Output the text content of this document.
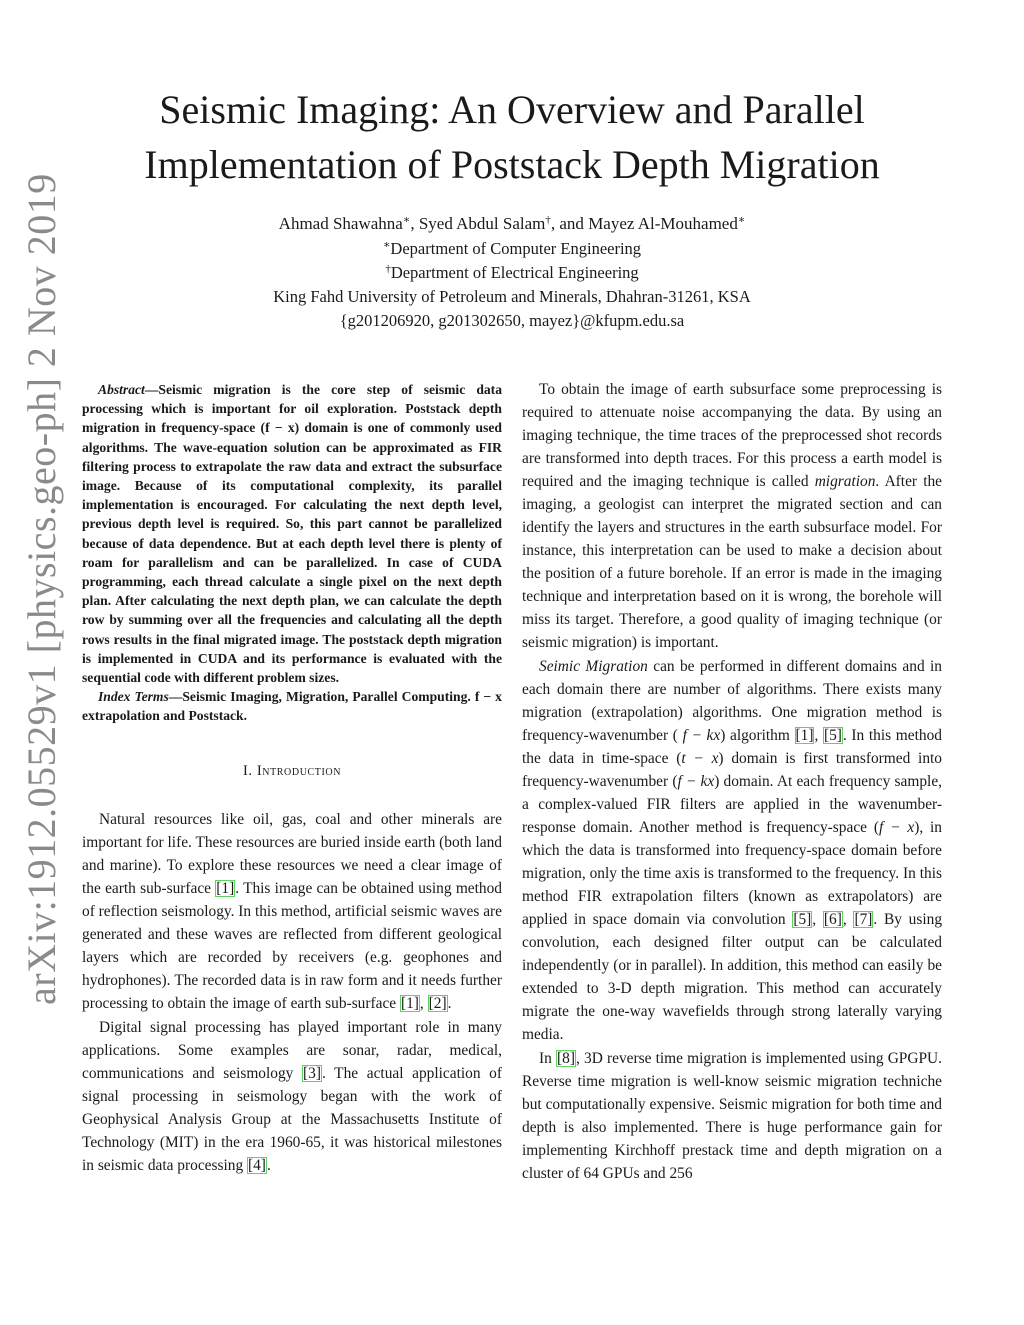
arXiv:1912.05529v1 [physics.geo-ph] 2 Nov 2019
Seismic Imaging: An Overview and Parallel
Implementation of Poststack Depth Migration
Ahmad Shawahna∗, Syed Abdul Salam†, and Mayez Al-Mouhamed∗
∗Department of Computer Engineering
†Department of Electrical Engineering
King Fahd University of Petroleum and Minerals, Dhahran-31261, KSA
{g201206920, g201302650, mayez}@kfupm.edu.sa

Abstract—Seismic migration is the core step of seismic data processing which is important for oil exploration. Poststack depth migration in frequency-space (f − x) domain is one of commonly used algorithms. The wave-equation solution can be approximated as FIR filtering process to extrapolate the raw data and extract the subsurface image. Because of its computational complexity, its parallel implementation is encouraged. For calculating the next depth level, previous depth level is required. So, this part cannot be parallelized because of data dependence. But at each depth level there is plenty of roam for parallelism and can be parallelized. In case of CUDA programming, each thread calculate a single pixel on the next depth plan. After calculating the next depth plan, we can calculate the depth row by summing over all the frequencies and calculating all the depth rows results in the final migrated image. The poststack depth migration is implemented in CUDA and its performance is evaluated with the sequential code with different problem sizes.

Index Terms—Seismic Imaging, Migration, Parallel Computing. f − x extrapolation and Poststack.

I. Introduction

Natural resources like oil, gas, coal and other minerals are important for life. These resources are buried inside earth (both land and marine). To explore these resources we need a clear image of the earth sub-surface [1]. This image can be obtained using method of reflection seismology. In this method, artificial seismic waves are generated and these waves are reflected from different geological layers which are recorded by receivers (e.g. geophones and hydrophones). The recorded data is in raw form and it needs further processing to obtain the image of earth sub-surface [1], [2].

Digital signal processing has played important role in many applications. Some examples are sonar, radar, medical, communications and seismology [3]. The actual application of signal processing in seismology began with the work of Geophysical Analysis Group at the Massachusetts Institute of Technology (MIT) in the era 1960-65, it was historical milestones in seismic data processing [4].

To obtain the image of earth subsurface some preprocessing is required to attenuate noise accompanying the data. By using an imaging technique, the time traces of the preprocessed shot records are transformed into depth traces. For this process a earth model is required and the imaging technique is called migration. After the imaging, a geologist can interpret the migrated section and can identify the layers and structures in the earth subsurface model. For instance, this interpretation can be used to make a decision about the position of a future borehole. If an error is made in the imaging technique and interpretation based on it is wrong, the borehole will miss its target. Therefore, a good quality of imaging technique (or seismic migration) is important.

Seimic Migration can be performed in different domains and in each domain there are number of algorithms. There exists many migration (extrapolation) algorithms. One migration method is frequency-wavenumber ( f − kx) algorithm [1], [5]. In this method the data in time-space (t − x) domain is first transformed into frequency-wavenumber (f − kx) domain. At each frequency sample, a complex-valued FIR filters are applied in the wavenumber-response domain. Another method is frequency-space (f − x), in which the data is transformed into frequency-space domain before migration, only the time axis is transformed to the frequency. In this method FIR extrapolation filters (known as extrapolators) are applied in space domain via convolution [5], [6], [7]. By using convolution, each designed filter output can be calculated independently (or in parallel). In addition, this method can easily be extended to 3-D depth migration. This method can accurately migrate the one-way wavefields through strong laterally varying media.

In [8], 3D reverse time migration is implemented using GPGPU. Reverse time migration is well-know seismic migration techniche but computationally expensive. Seismic migration for both time and depth is also implemented. There is huge performance gain for implementing Kirchhoff prestack time and depth migration on a cluster of 64 GPUs and 256
